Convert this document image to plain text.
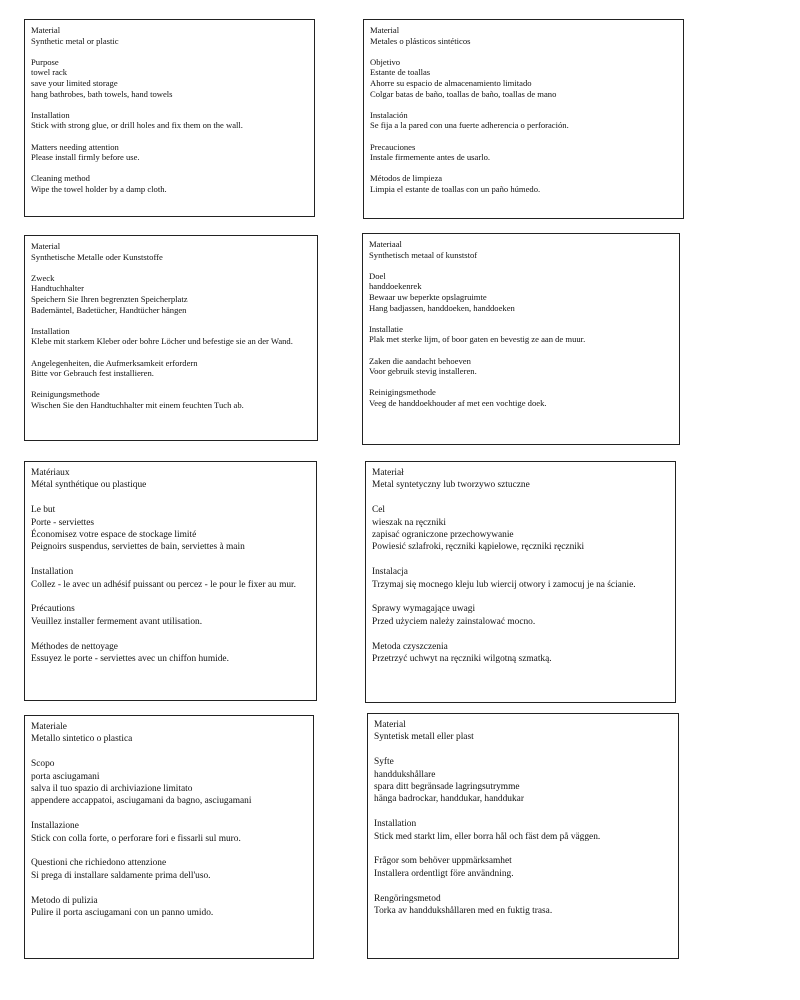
Material
Synthetic metal or plastic
Purpose
towel rack
save your limited storage
hang bathrobes, bath towels, hand towels
Installation
Stick with strong glue, or drill holes and fix them on the wall.
Matters needing attention
Please install firmly before use.
Cleaning method
Wipe the towel holder by a damp cloth.
Material
Metales o plásticos sintéticos
Objetivo
Estante de toallas
Ahorre su espacio de almacenamiento limitado
Colgar batas de baño, toallas de baño, toallas de mano
Instalación
Se fija a la pared con una fuerte adherencia o perforación.
Precauciones
Instale firmemente antes de usarlo.
Métodos de limpieza
Limpia el estante de toallas con un paño húmedo.
Material
Synthetische Metalle oder Kunststoffe
Zweck
Handtuchhalter
Speichern Sie Ihren begrenzten Speicherplatz
Bademäntel, Badetücher, Handtücher hängen
Installation
Klebe mit starkem Kleber oder bohre Löcher und befestige sie an der Wand.
Angelegenheiten, die Aufmerksamkeit erfordern
Bitte vor Gebrauch fest installieren.
Reinigungsmethode
Wischen Sie den Handtuchhalter mit einem feuchten Tuch ab.
Materiaal
Synthetisch metaal of kunststof
Doel
handdoekenrek
Bewaar uw beperkte opslagruimte
Hang badjassen, handdoeken, handdoeken
Installatie
Plak met sterke lijm, of boor gaten en bevestig ze aan de muur.
Zaken die aandacht behoeven
Voor gebruik stevig installeren.
Reinigingsmethode
Veeg de handdoekhouder af met een vochtige doek.
Matériaux
Métal synthétique ou plastique
Le but
Porte - serviettes
Économisez votre espace de stockage limité
Peignoirs suspendus, serviettes de bain, serviettes à main
Installation
Collez - le avec un adhésif puissant ou percez - le pour le fixer au mur.
Précautions
Veuillez installer fermement avant utilisation.
Méthodes de nettoyage
Essuyez le porte - serviettes avec un chiffon humide.
Materiał
Metal syntetyczny lub tworzywo sztuczne
Cel
wieszak na ręczniki
zapisać ograniczone przechowywanie
Powiesić szlafroki, ręczniki kąpielowe, ręczniki ręczniki
Instalacja
Trzymaj się mocnego kleju lub wiercij otwory i zamocuj je na ścianie.
Sprawy wymagające uwagi
Przed użyciem należy zainstalować mocno.
Metoda czyszczenia
Przetrzyć uchwyt na ręczniki wilgotną szmatką.
Materiale
Metallo sintetico o plastica
Scopo
porta asciugamani
salva il tuo spazio di archiviazione limitato
appendere accappatoi, asciugamani da bagno, asciugamani
Installazione
Stick con colla forte, o perforare fori e fissarli sul muro.
Questioni che richiedono attenzione
Si prega di installare saldamente prima dell'uso.
Metodo di pulizia
Pulire il porta asciugamani con un panno umido.
Material
Syntetisk metall eller plast
Syfte
handdukshållare
spara ditt begränsade lagringsutrymme
hänga badrockar, handdukar, handdukar
Installation
Stick med starkt lim, eller borra hål och fäst dem på väggen.
Frågor som behöver uppmärksamhet
Installera ordentligt före användning.
Rengöringsmetod
Torka av handdukshållaren med en fuktig trasa.
